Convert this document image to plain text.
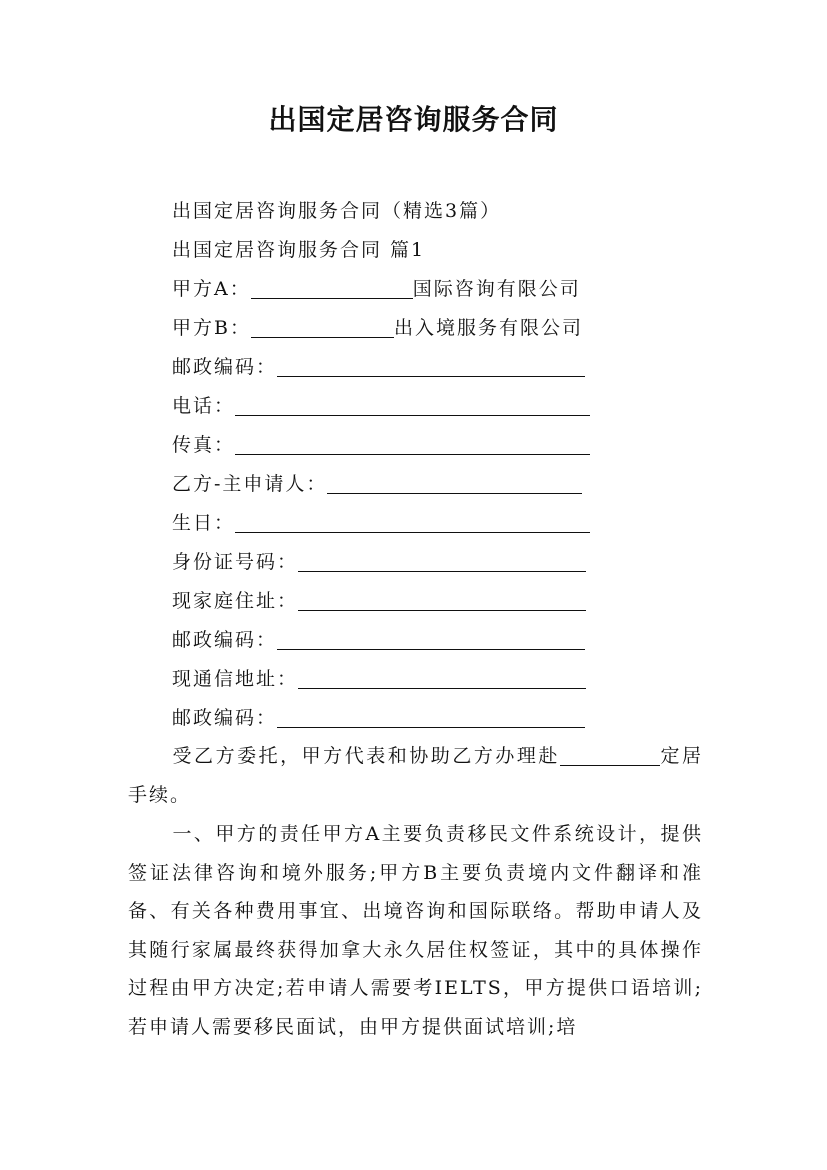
出国定居咨询服务合同
出国定居咨询服务合同（精选3篇）
出国定居咨询服务合同 篇1
甲方A：	国际咨询有限公司
甲方B：	出入境服务有限公司
邮政编码：
电话：
传真：
乙方-主申请人：
生日：
身份证号码：
现家庭住址：
邮政编码：
现通信地址：
邮政编码：
受乙方委托，甲方代表和协助乙方办理赴	定居手续。
一、甲方的责任甲方A主要负责移民文件系统设计，提供签证法律咨询和境外服务;甲方B主要负责境内文件翻译和准备、有关各种费用事宜、出境咨询和国际联络。帮助申请人及其随行家属最终获得加拿大永久居住权签证，其中的具体操作过程由甲方决定;若申请人需要考IELTS，甲方提供口语培训;若申请人需要移民面试，由甲方提供面试培训;培
